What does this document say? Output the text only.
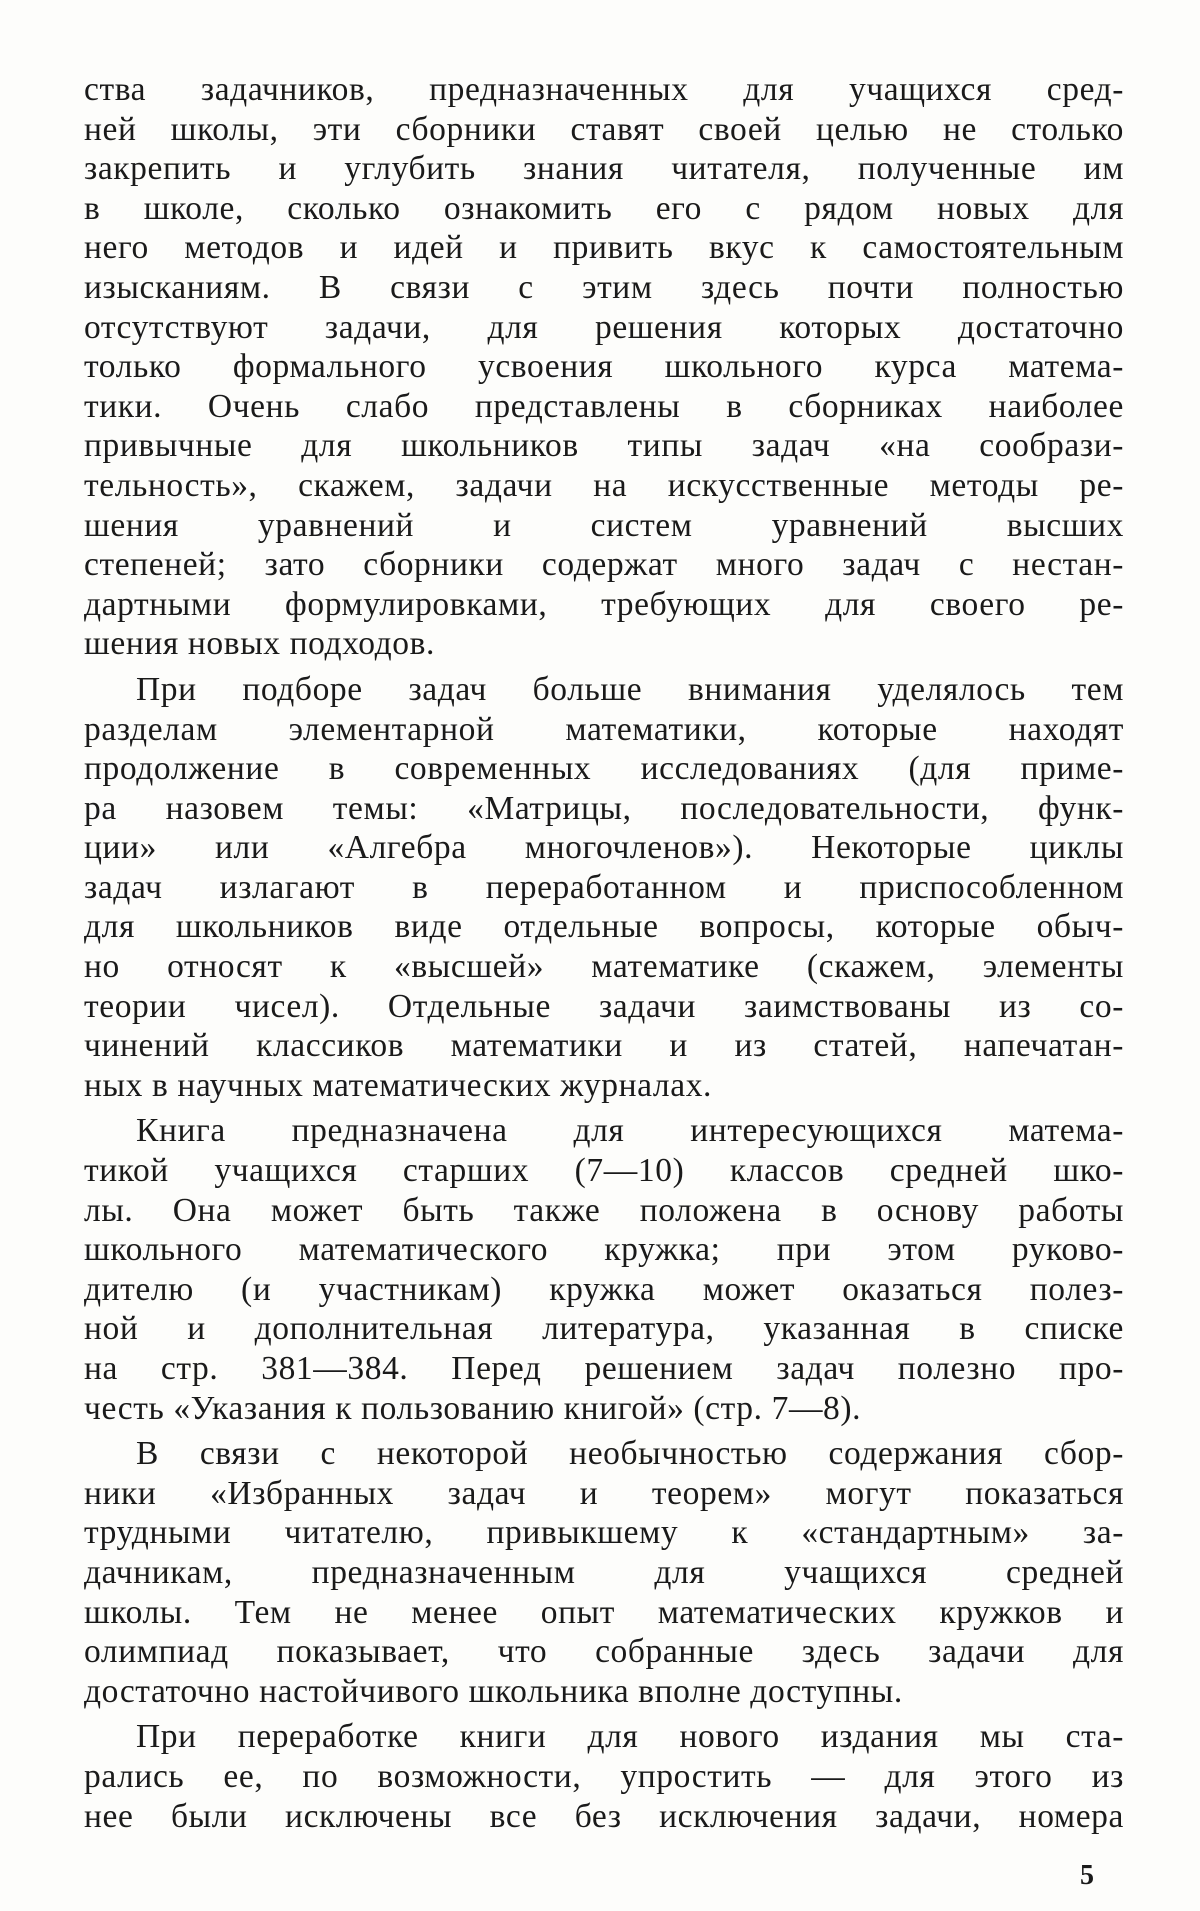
ства задачников, предназначенных для учащихся сред-
ней школы, эти сборники ставят своей целью не столько
закрепить и углубить знания читателя, полученные им
в школе, сколько ознакомить его с рядом новых для
него методов и идей и привить вкус к самостоятельным
изысканиям. В связи с этим здесь почти полностью
отсутствуют задачи, для решения которых достаточно
только формального усвоения школьного курса матема-
тики. Очень слабо представлены в сборниках наиболее
привычные для школьников типы задач «на сообрази-
тельность», скажем, задачи на искусственные методы ре-
шения уравнений и систем уравнений высших
степеней; зато сборники содержат много задач с нестан-
дартными формулировками, требующих для своего ре-
шения новых подходов.
При подборе задач больше внимания уделялось тем
разделам элементарной математики, которые находят
продолжение в современных исследованиях (для приме-
ра назовем темы: «Матрицы, последовательности, функ-
ции» или «Алгебра многочленов»). Некоторые циклы
задач излагают в переработанном и приспособленном
для школьников виде отдельные вопросы, которые обыч-
но относят к «высшей» математике (скажем, элементы
теории чисел). Отдельные задачи заимствованы из со-
чинений классиков математики и из статей, напечатан-
ных в научных математических журналах.
Книга предназначена для интересующихся матема-
тикой учащихся старших (7—10) классов средней шко-
лы. Она может быть также положена в основу работы
школьного математического кружка; при этом руково-
дителю (и участникам) кружка может оказаться полез-
ной и дополнительная литература, указанная в списке
на стр. 381—384. Перед решением задач полезно про-
честь «Указания к пользованию книгой» (стр. 7—8).
В связи с некоторой необычностью содержания сбор-
ники «Избранных задач и теорем» могут показаться
трудными читателю, привыкшему к «стандартным» за-
дачникам, предназначенным для учащихся средней
школы. Тем не менее опыт математических кружков и
олимпиад показывает, что собранные здесь задачи для
достаточно настойчивого школьника вполне доступны.
При переработке книги для нового издания мы ста-
рались ее, по возможности, упростить — для этого из
нее были исключены все без исключения задачи, номера
5
